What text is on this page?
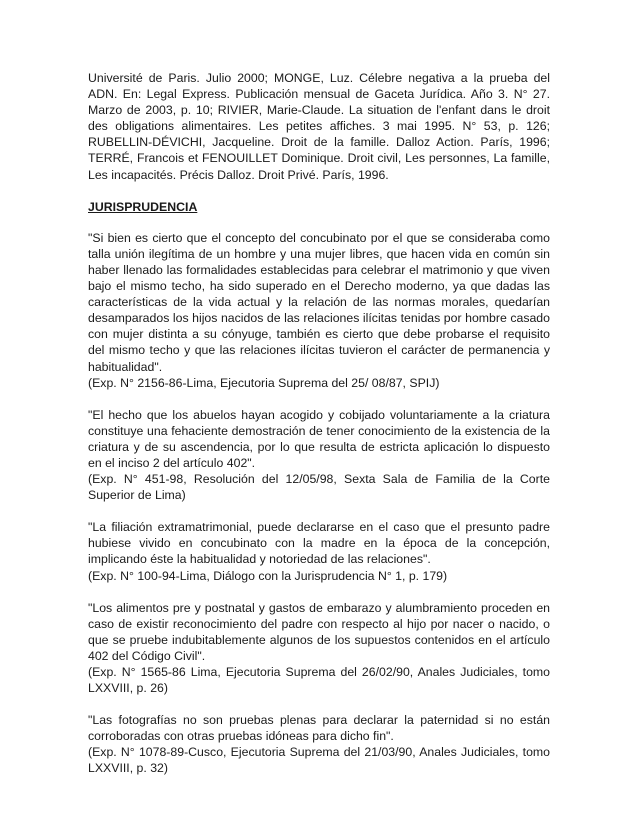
Université de Paris. Julio 2000; MONGE, Luz. Célebre negativa a la prueba del ADN. En: Legal Express. Publicación mensual de Gaceta Jurídica. Año 3. N° 27. Marzo de 2003, p. 10; RIVIER, Marie-Claude. La situation de l'enfant dans le droit des obligations alimentaires. Les petites affiches. 3 mai 1995. N° 53, p. 126; RUBELLIN-DÉVICHI, Jacqueline. Droit de la famille. Dalloz Action. París, 1996; TERRÉ, Francois et FENOUILLET Dominique. Droit civil, Les personnes, La famille, Les incapacités. Précis Dalloz. Droit Privé. París, 1996.

JURISPRUDENCIA

"Si bien es cierto que el concepto del concubinato por el que se consideraba como talla unión ilegítima de un hombre y una mujer libres, que hacen vida en común sin haber llenado las formalidades establecidas para celebrar el matrimonio y que viven bajo el mismo techo, ha sido superado en el Derecho moderno, ya que dadas las características de la vida actual y la relación de las normas morales, quedarían desamparados los hijos nacidos de las relaciones ilícitas tenidas por hombre casado con mujer distinta a su cónyuge, también es cierto que debe probarse el requisito del mismo techo y que las relaciones ilícitas tuvieron el carácter de permanencia y habitualidad".

(Exp. N° 2156-86-Lima, Ejecutoria Suprema del 25/ 08/87, SPIJ)

"El hecho que los abuelos hayan acogido y cobijado voluntariamente a la criatura constituye una fehaciente demostración de tener conocimiento de la existencia de la criatura y de su ascendencia, por lo que resulta de estricta aplicación lo dispuesto en el inciso 2 del artículo 402".

(Exp. N° 451-98, Resolución del 12/05/98, Sexta Sala de Familia de la Corte Superior de Lima)

"La filiación extramatrimonial, puede declararse en el caso que el presunto padre hubiese vivido en concubinato con la madre en la época de la concepción, implicando éste la habitualidad y notoriedad de las relaciones".

(Exp. N° 100-94-Lima, Diálogo con la Jurisprudencia N° 1, p. 179)

"Los alimentos pre y postnatal y gastos de embarazo y alumbramiento proceden en caso de existir reconocimiento del padre con respecto al hijo por nacer o nacido, o que se pruebe indubitablemente algunos de los supuestos contenidos en el artículo 402 del Código Civil".

(Exp. N° 1565-86 Lima, Ejecutoria Suprema del 26/02/90, Anales Judiciales, tomo LXXVIII, p. 26)

"Las fotografías no son pruebas plenas para declarar la paternidad si no están corroboradas con otras pruebas idóneas para dicho fin".

(Exp. N° 1078-89-Cusco, Ejecutoria Suprema del 21/03/90, Anales Judiciales, tomo LXXVIII, p. 32)
